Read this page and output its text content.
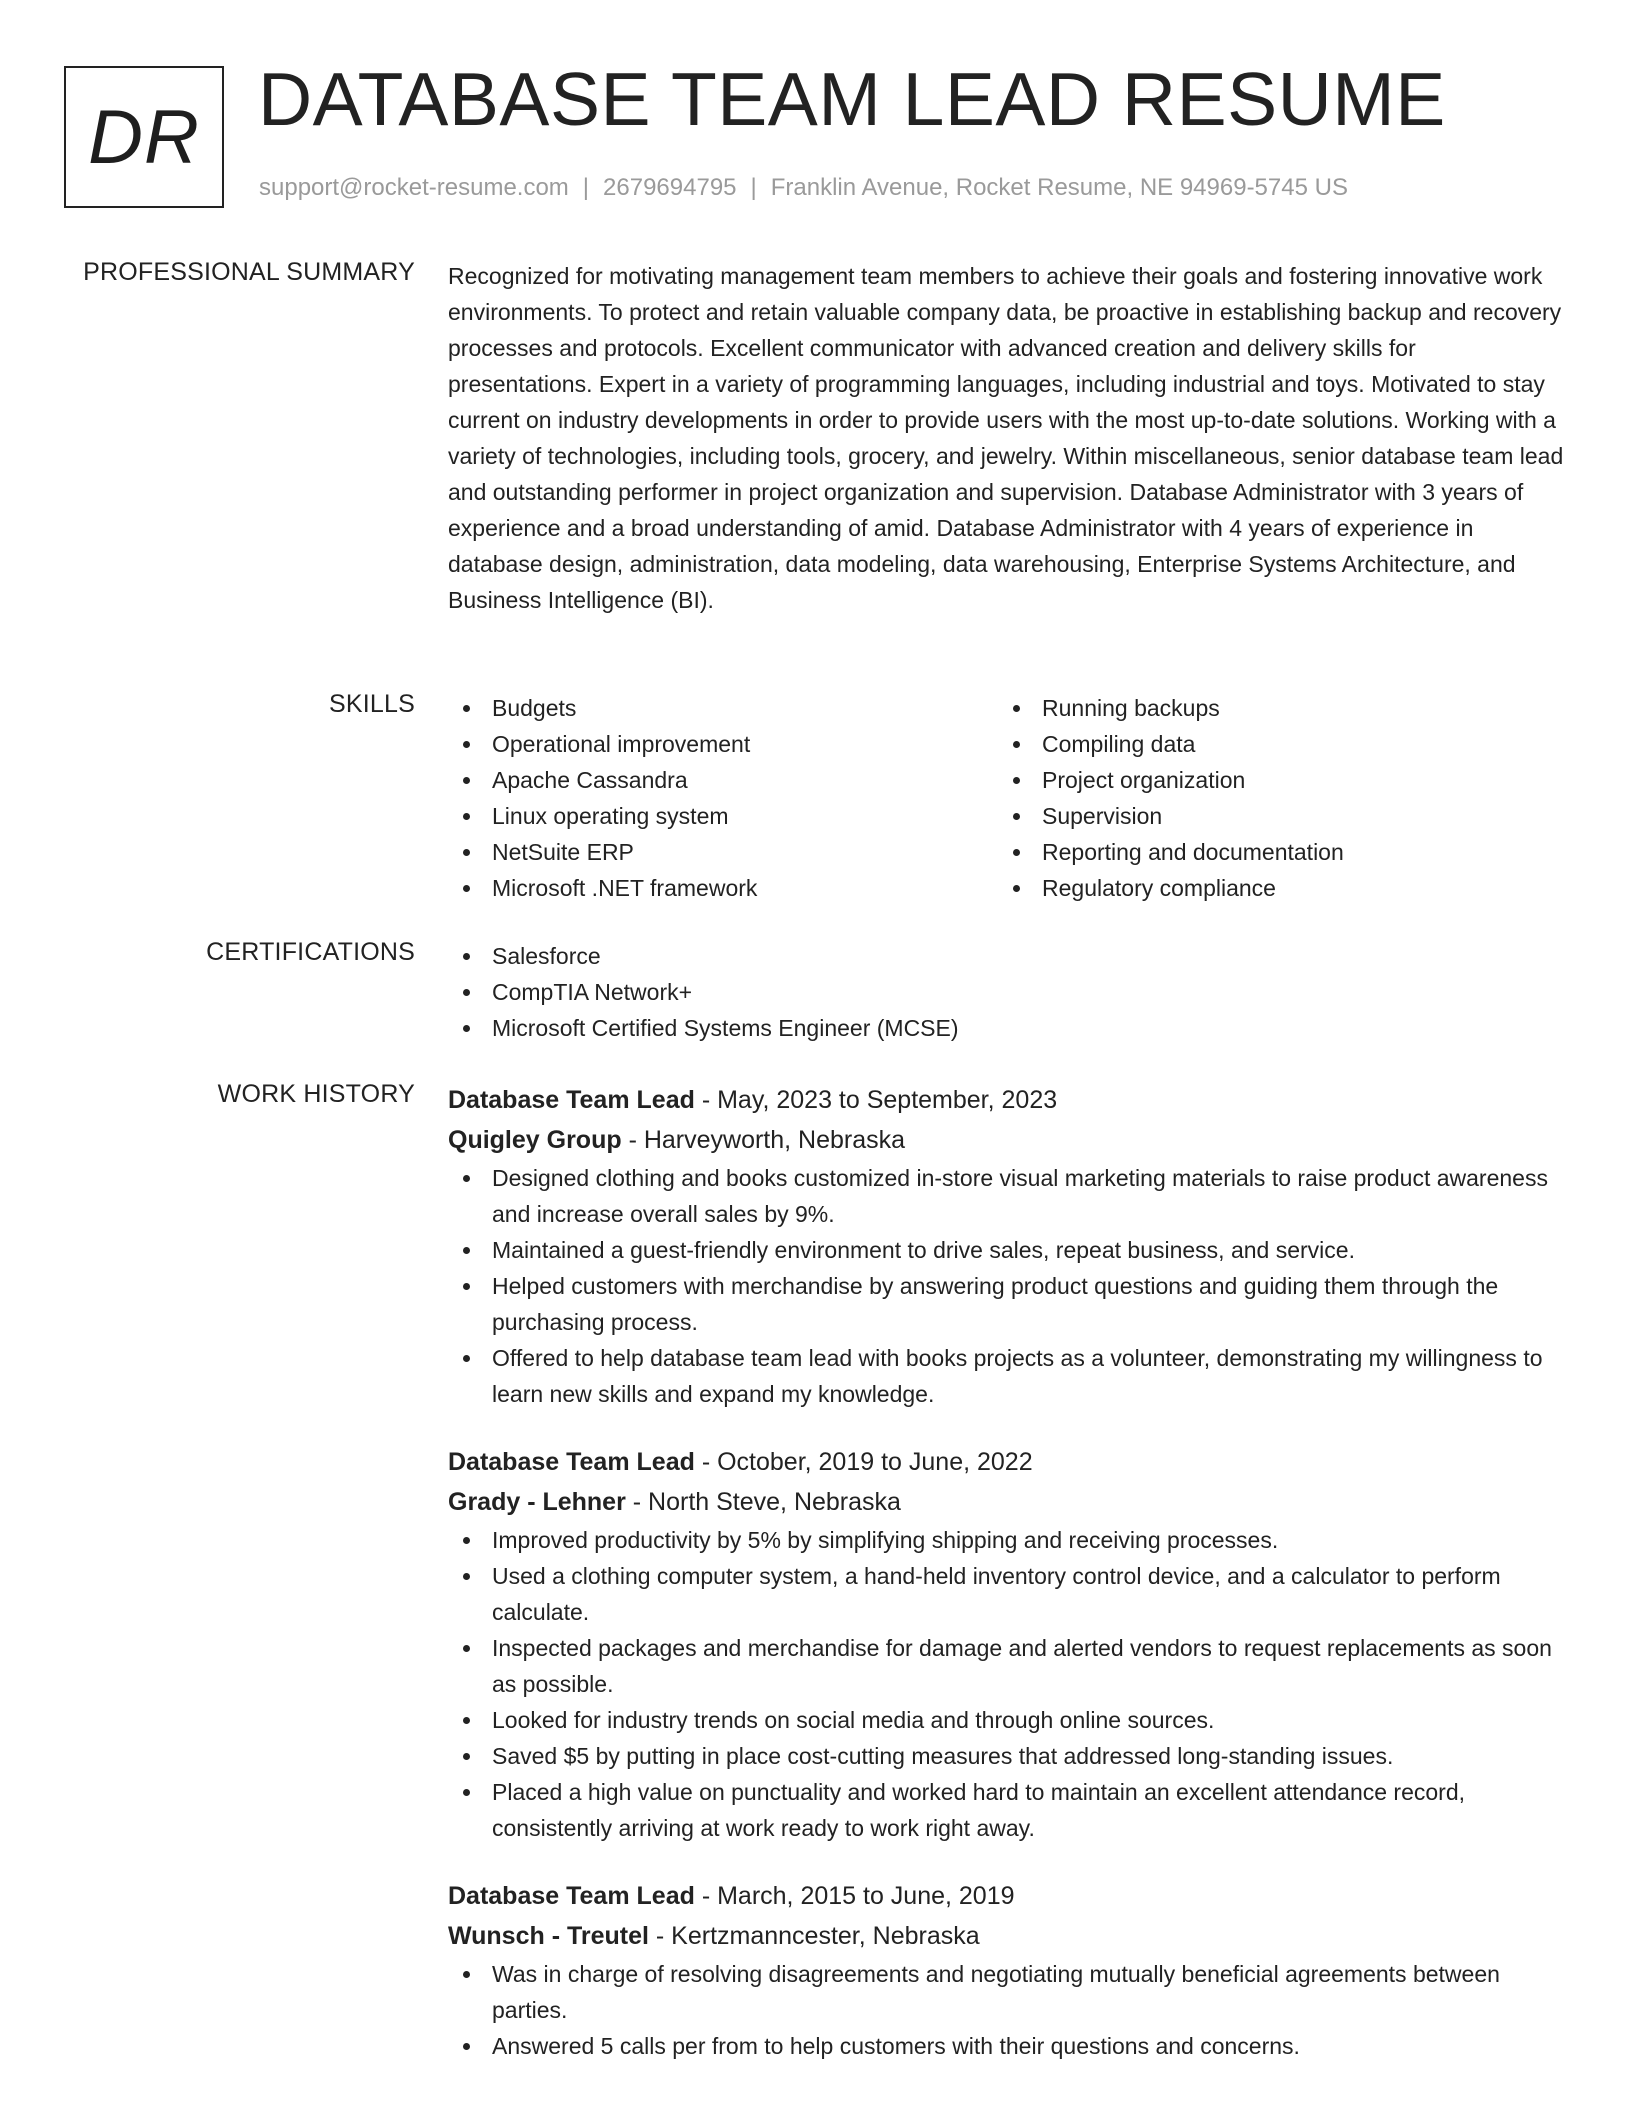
DR DATABASE TEAM LEAD RESUME
support@rocket-resume.com | 2679694795 | Franklin Avenue, Rocket Resume, NE 94969-5745 US
PROFESSIONAL SUMMARY Recognized for motivating management team members to achieve their goals and fostering innovative work environments. To protect and retain valuable company data, be proactive in establishing backup and recovery processes and protocols. Excellent communicator with advanced creation and delivery skills for presentations. Expert in a variety of programming languages, including industrial and toys. Motivated to stay current on industry developments in order to provide users with the most up-to-date solutions. Working with a variety of technologies, including tools, grocery, and jewelry. Within miscellaneous, senior database team lead and outstanding performer in project organization and supervision. Database Administrator with 3 years of experience and a broad understanding of amid. Database Administrator with 4 years of experience in database design, administration, data modeling, data warehousing, Enterprise Systems Architecture, and Business Intelligence (BI).

SKILLS	Budgets
Operational improvement
Apache Cassandra
Linux operating system
NetSuite ERP
Microsoft .NET framework
Running backups
Compiling data
Project organization
Supervision
Reporting and documentation
Regulatory compliance
CERTIFICATIONS	Salesforce
CompTIA Network+
Microsoft Certified Systems Engineer (MCSE)
WORK HISTORY Database Team Lead - May, 2023 to September, 2023
Quigley Group - Harveyworth, Nebraska
Designed clothing and books customized in-store visual marketing materials to raise product awareness and increase overall sales by 9%.
Maintained a guest-friendly environment to drive sales, repeat business, and service.
Helped customers with merchandise by answering product questions and guiding them through the purchasing process.
Offered to help database team lead with books projects as a volunteer, demonstrating my willingness to learn new skills and expand my knowledge.
Database Team Lead - October, 2019 to June, 2022
Grady - Lehner - North Steve, Nebraska
Improved productivity by 5% by simplifying shipping and receiving processes.
Used a clothing computer system, a hand-held inventory control device, and a calculator to perform calculate.
Inspected packages and merchandise for damage and alerted vendors to request replacements as soon as possible.
Looked for industry trends on social media and through online sources.
Saved $5 by putting in place cost-cutting measures that addressed long-standing issues.
Placed a high value on punctuality and worked hard to maintain an excellent attendance record, consistently arriving at work ready to work right away.
Database Team Lead - March, 2015 to June, 2019
Wunsch - Treutel - Kertzmanncester, Nebraska
Was in charge of resolving disagreements and negotiating mutually beneficial agreements between parties.
Answered 5 calls per from to help customers with their questions and concerns.
